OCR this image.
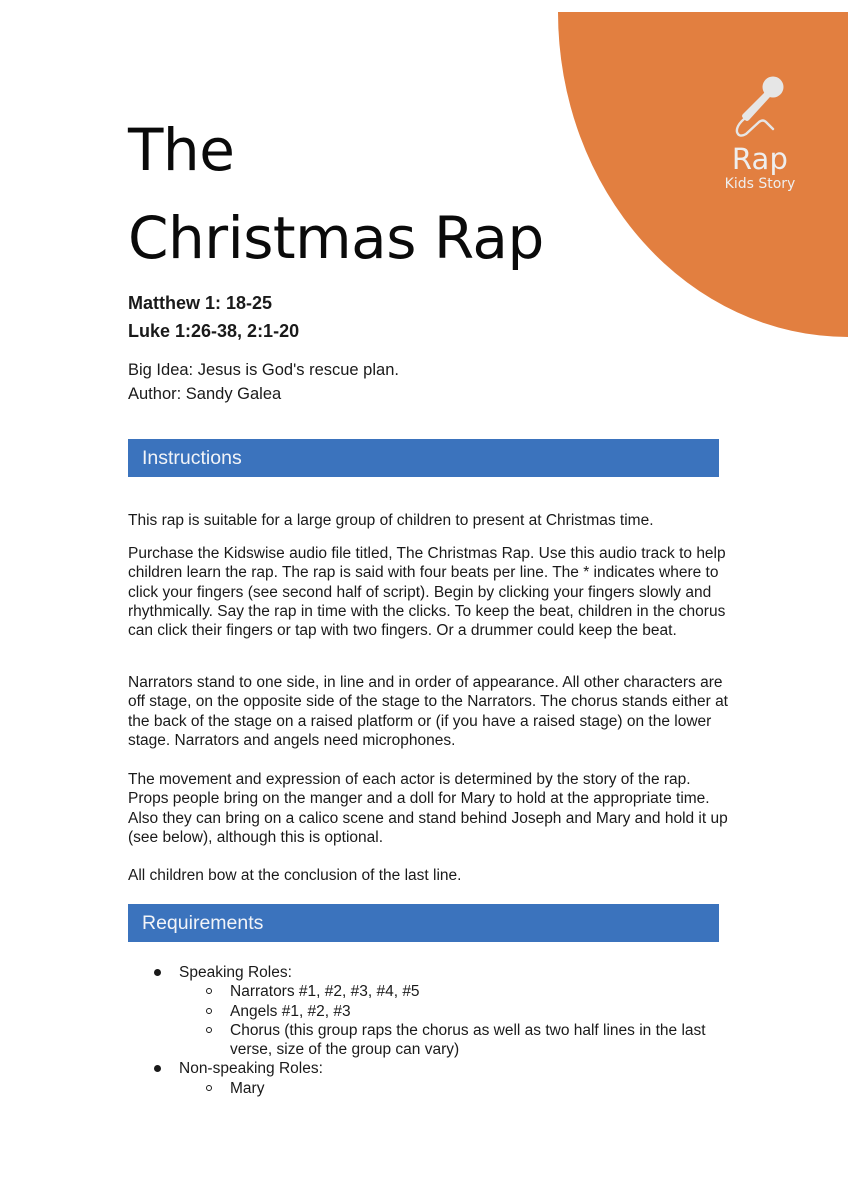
Rap
Kids Story
The
Christmas Rap
Matthew 1: 18-25
Luke 1:26-38, 2:1-20
Big Idea: Jesus is God's rescue plan.
Author: Sandy Galea
Instructions

This rap is suitable for a large group of children to present at Christmas time.

Purchase the Kidswise audio file titled, The Christmas Rap. Use this audio track to help children learn the rap. The rap is said with four beats per line. The * indicates where to click your fingers (see second half of script). Begin by clicking your fingers slowly and rhythmically. Say the rap in time with the clicks. To keep the beat, children in the chorus can click their fingers or tap with two fingers. Or a drummer could keep the beat.

Narrators stand to one side, in line and in order of appearance. All other characters are off stage, on the opposite side of the stage to the Narrators. The chorus stands either at the back of the stage on a raised platform or (if you have a raised stage) on the lower stage. Narrators and angels need microphones.

The movement and expression of each actor is determined by the story of the rap. Props people bring on the manger and a doll for Mary to hold at the appropriate time. Also they can bring on a calico scene and stand behind Joseph and Mary and hold it up (see below), although this is optional.

All children bow at the conclusion of the last line.

Requirements
Speaking Roles:
Narrators #1, #2, #3, #4, #5
Angels #1, #2, #3
Chorus (this group raps the chorus as well as two half lines in the last verse, size of the group can vary)
Non-speaking Roles:
Mary
